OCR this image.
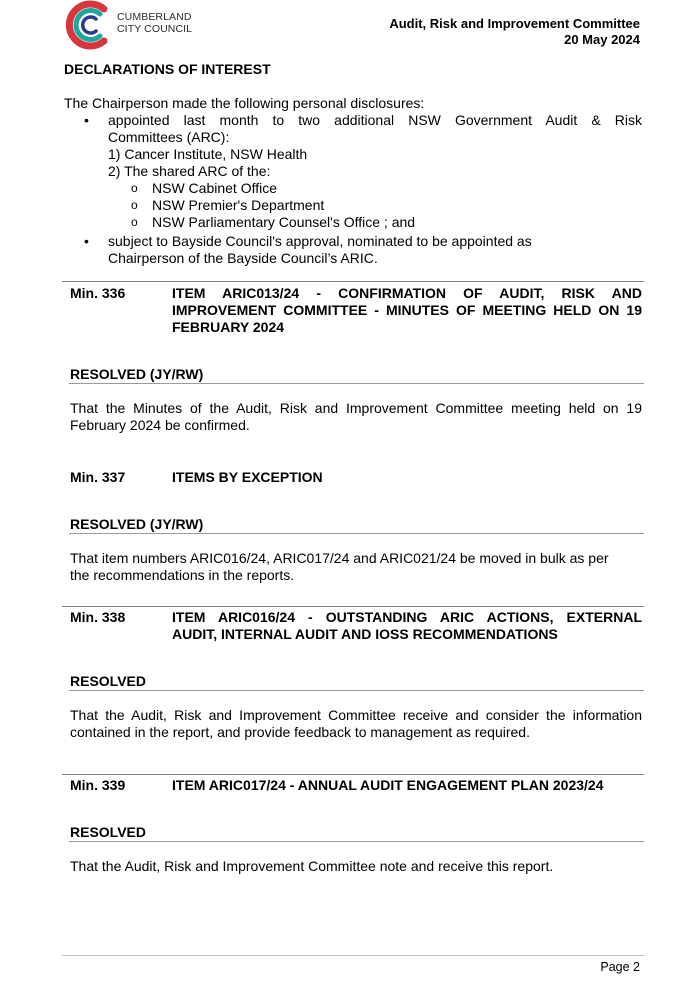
CUMBERLAND
CITY COUNCIL	Audit, Risk and Improvement Committee
20 May 2024
DECLARATIONS OF INTEREST
The Chairperson made the following personal disclosures:
• appointed last month to two additional NSW Government Audit & Risk
Committees (ARC):
1) Cancer Institute, NSW Health
2) The shared ARC of the:
o NSW Cabinet Office
o NSW Premier's Department
o NSW Parliamentary Counsel's Office ; and
• subject to Bayside Council's approval, nominated to be appointed as
Chairperson of the Bayside Council’s ARIC.
Min. 336	ITEM ARIC013/24 - CONFIRMATION OF AUDIT, RISK AND
IMPROVEMENT COMMITTEE - MINUTES OF MEETING HELD ON 19
FEBRUARY 2024
RESOLVED (JY/RW)
That the Minutes of the Audit, Risk and Improvement Committee meeting held on 19
February 2024 be confirmed.
Min. 337	ITEMS BY EXCEPTION
RESOLVED (JY/RW)
That item numbers ARIC016/24, ARIC017/24 and ARIC021/24 be moved in bulk as per
the recommendations in the reports.
Min. 338	ITEM ARIC016/24 - OUTSTANDING ARIC ACTIONS, EXTERNAL
AUDIT, INTERNAL AUDIT AND IOSS RECOMMENDATIONS
RESOLVED
That the Audit, Risk and Improvement Committee receive and consider the information
contained in the report, and provide feedback to management as required.
Min. 339	ITEM ARIC017/24 - ANNUAL AUDIT ENGAGEMENT PLAN 2023/24
RESOLVED
That the Audit, Risk and Improvement Committee note and receive this report.
Page 2
